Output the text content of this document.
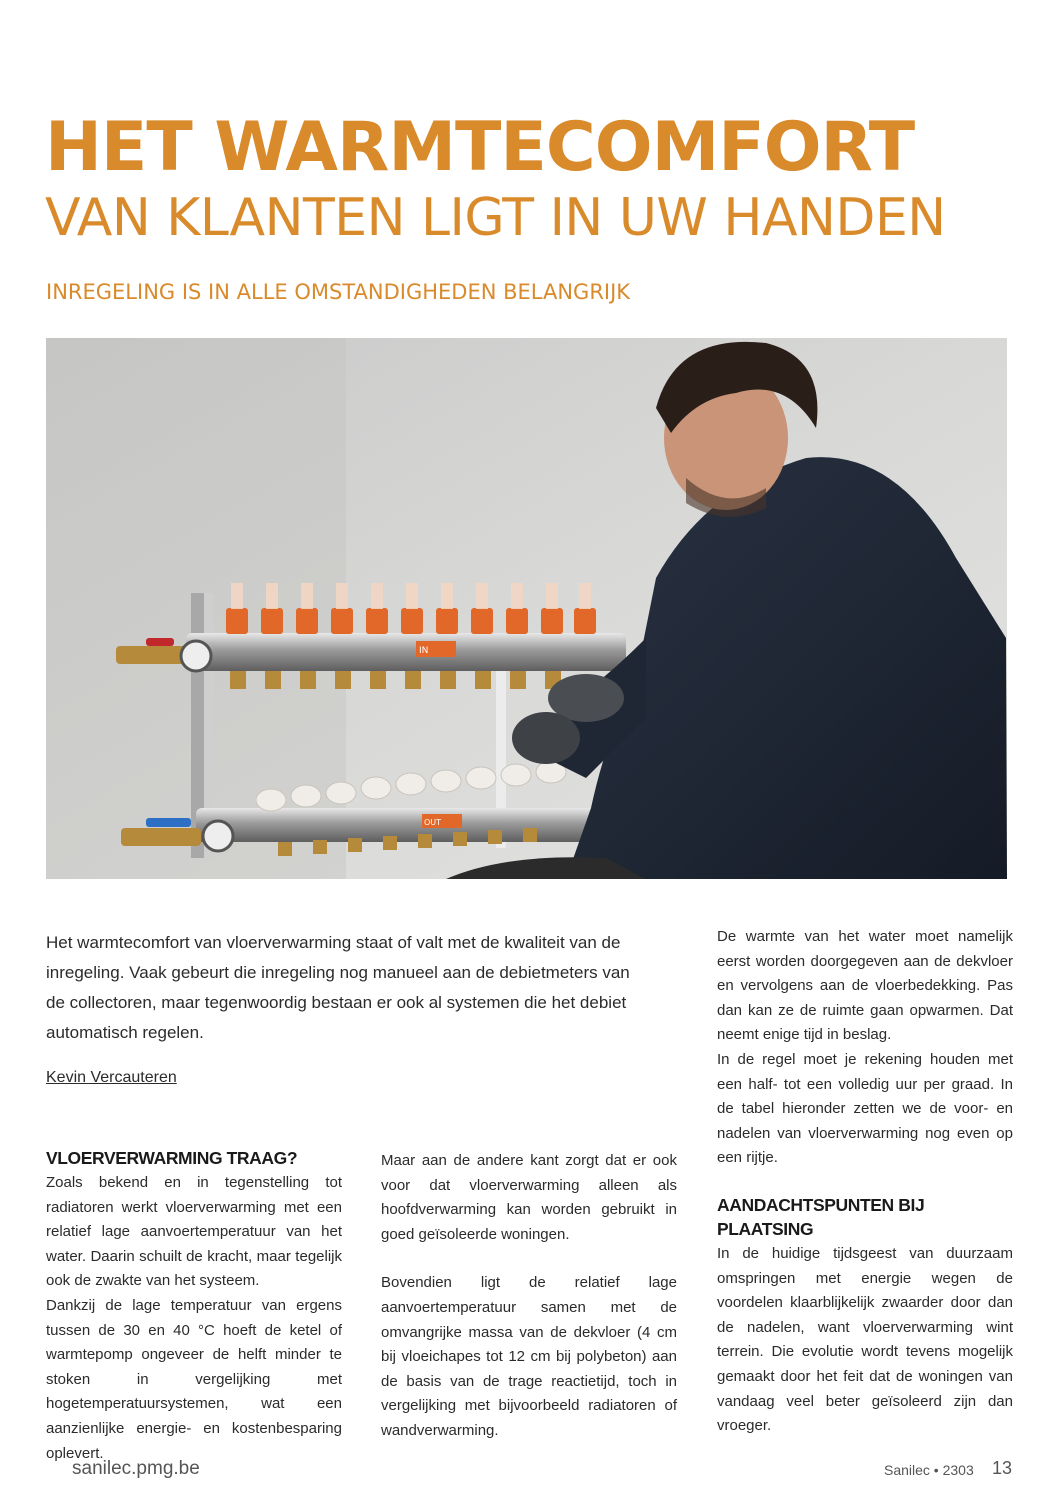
HET WARMTECOMFORT
VAN KLANTEN LIGT IN UW HANDEN
INREGELING IS IN ALLE OMSTANDIGHEDEN BELANGRIJK
IN
OUT
Het warmtecomfort van vloerverwarming staat of valt met de kwaliteit van de inregeling. Vaak gebeurt die inregeling nog manueel aan de debietmeters van de collectoren, maar tegenwoordig bestaan er ook al systemen die het debiet automatisch regelen.
Kevin Vercauteren

VLOERVERWARMING TRAAG?

Zoals bekend en in tegenstelling tot radiatoren werkt vloerverwarming met een relatief lage aanvoertemperatuur van het water. Daarin schuilt de kracht, maar tegelijk ook de zwakte van het systeem.

Dankzij de lage temperatuur van ergens tussen de 30 en 40 °C hoeft de ketel of warmtepomp ongeveer de helft minder te stoken in vergelijking met hogetemperatuursystemen, wat een aanzienlijke energie- en kostenbesparing oplevert.

Maar aan de andere kant zorgt dat er ook voor dat vloerverwarming alleen als hoofdverwarming kan worden gebruikt in goed geïsoleerde woningen.

Bovendien ligt de relatief lage aanvoertemperatuur samen met de omvangrijke massa van de dekvloer (4 cm bij vloeichapes tot 12 cm bij polybeton) aan de basis van de trage reactietijd, toch in vergelijking met bijvoorbeeld radiatoren of wandverwarming.

De warmte van het water moet namelijk eerst worden doorgegeven aan de dekvloer en vervolgens aan de vloerbedekking. Pas dan kan ze de ruimte gaan opwarmen. Dat neemt enige tijd in beslag.

In de regel moet je rekening houden met een half- tot een volledig uur per graad. In de tabel hieronder zetten we de voor- en nadelen van vloerverwarming nog even op een rijtje.

AANDACHTSPUNTEN BIJ PLAATSING

In de huidige tijdsgeest van duurzaam omspringen met energie wegen de voordelen klaarblijkelijk zwaarder door dan de nadelen, want vloerverwarming wint terrein. Die evolutie wordt tevens mogelijk gemaakt door het feit dat de woningen van vandaag veel beter geïsoleerd zijn dan vroeger.

sanilec.pmg.be	Sanilec • 2303 13
